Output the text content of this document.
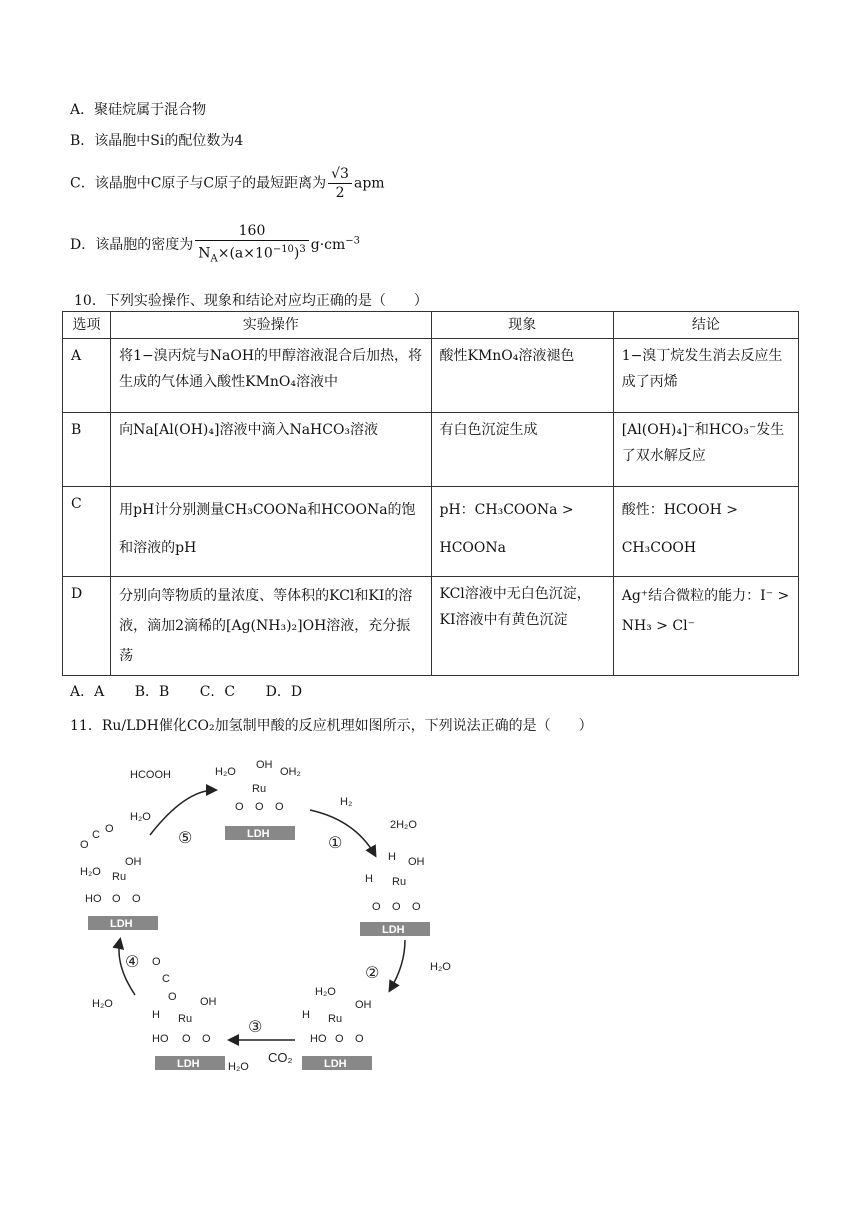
A．聚硅烷属于混合物
B．该晶胞中Si的配位数为4
C．该晶胞中C原子与C原子的最短距离为 $\frac{√3}{2}$ apm
D．该晶胞的密度为 $\frac{160}{N_A\times(a\times 10^{-10})^3} g\cdot cm^{-3}$
10．下列实验操作、现象和结论对应均正确的是（　　）
选项	实验操作	现象	结论
A	将1−溴丙烷与NaOH的甲醇溶液混合后加热，将生成的气体通入酸性KMnO₄溶液中	酸性KMnO₄溶液褪色	1−溴丁烷发生消去反应生成了丙烯
B	向Na[Al(OH)₄]溶液中滴入NaHCO₃溶液	有白色沉淀生成	[Al(OH)₄]⁻和HCO₃⁻发生了双水解反应
C	用pH计分别测量CH₃COONa和HCOONa的饱和溶液的pH	pH：CH₃COONa > HCOONa	酸性：HCOOH > CH₃COOH
D	分别向等物质的量浓度、等体积的KCl和KI的溶液，滴加2滴稀的[Ag(NH₃)₂]OH溶液，充分振荡	KCl溶液中无白色沉淀，KI溶液中有黄色沉淀	Ag⁺结合微粒的能力：I⁻ > NH₃ > Cl⁻
A．A B．B C．C D．D
11．Ru/LDH催化CO₂加氢制甲酸的反应机理如图所示，下列说法正确的是（　　）
H₂O
OH
OH₂
Ru
O O O
LDH
HCOOH
H₂O
⑤
H₂
2H₂O
①
②	H₂O
③
CO₂
H₂O
④
H₂O
H OH
H Ru
O O O
LDH
H₂O
OH
H Ru
HO O O
LDH
O
C
O OH
H Ru
HO O O
LDH
O
C O
OH
H₂O Ru
HO O O
LDH
